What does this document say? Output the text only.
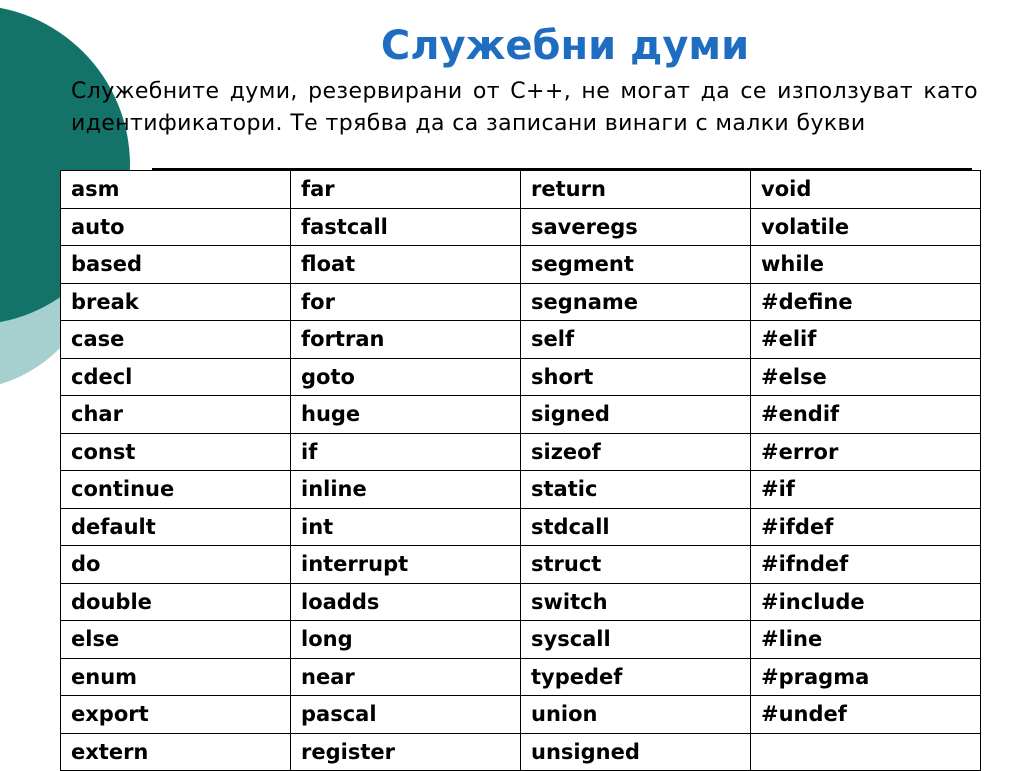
Служебни думи

Служебните думи, резервирани от С++, не могат да се използуват като идентификатори. Те трябва да са записани винаги с малки букви

asm	far	return	void
auto	fastcall	saveregs	volatile
based	float	segment	while
break	for	segname	#define
case	fortran	self	#elif
cdecl	goto	short	#else
char	huge	signed	#endif
const	if	sizeof	#error
continue	inline	static	#if
default	int	stdcall	#ifdef
do	interrupt	struct	#ifndef
double	loadds	switch	#include
else	long	syscall	#line
enum	near	typedef	#pragma
export	pascal	union	#undef
extern	register	unsigned	
